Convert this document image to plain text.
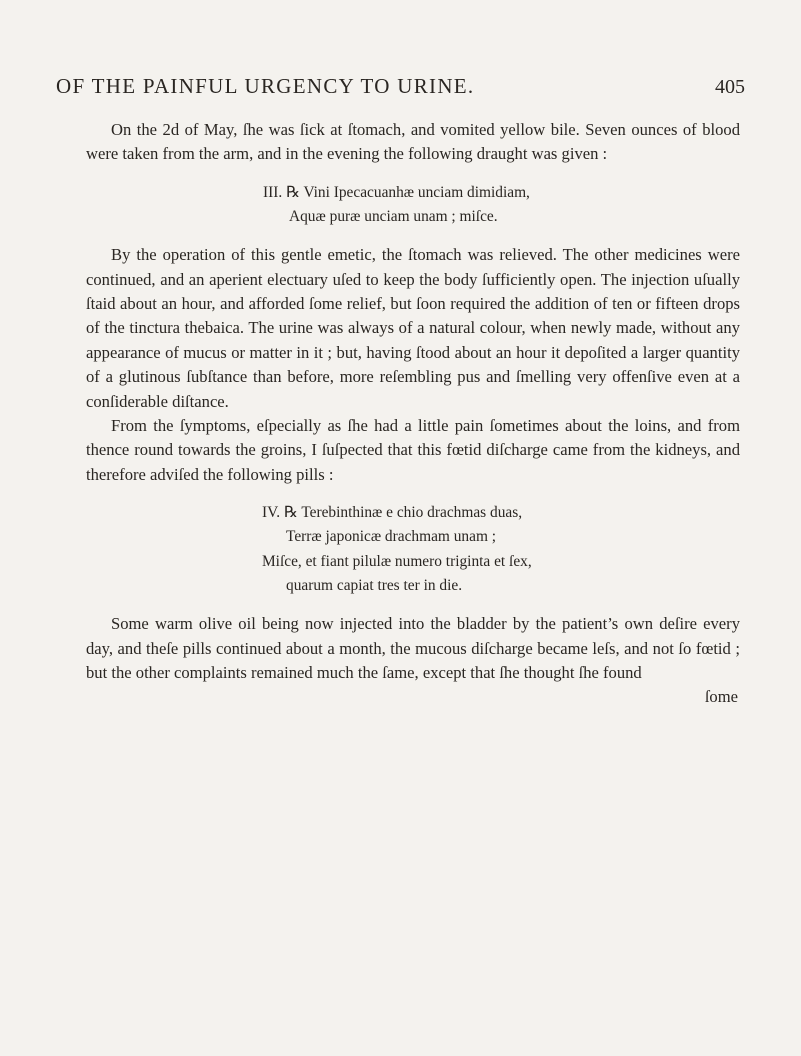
OF THE PAINFUL URGENCY TO URINE.	405

On the 2d of May, ſhe was ſick at ſtomach, and vomited yellow bile. Seven ounces of blood were taken from the arm, and in the evening the following draught was given :

III. ℞ Vini Ipecacuanhæ unciam dimidiam,
Aquæ puræ unciam unam ; miſce.

By the operation of this gentle emetic, the ſtomach was relieved. The other medicines were continued, and an aperient electuary uſed to keep the body ſufficiently open. The injection uſually ſtaid about an hour, and afforded ſome relief, but ſoon required the addition of ten or fifteen drops of the tinctura thebaica. The urine was always of a natural colour, when newly made, without any appearance of mucus or matter in it ; but, having ſtood about an hour it depoſited a larger quantity of a glutinous ſubſtance than before, more reſembling pus and ſmelling very offenſive even at a conſiderable diſtance.

From the ſymptoms, eſpecially as ſhe had a little pain ſometimes about the loins, and from thence round towards the groins, I ſuſpected that this fœtid diſcharge came from the kidneys, and therefore adviſed the following pills :

IV. ℞ Terebinthinæ e chio drachmas duas,
Terræ japonicæ drachmam unam ;
Miſce, et fiant pilulæ numero triginta et ſex,
quarum capiat tres ter in die.

Some warm olive oil being now injected into the bladder by the patient’s own deſire every day, and theſe pills continued about a month, the mucous diſcharge became leſs, and not ſo fœtid ; but the other complaints remained much the ſame, except that ſhe thought ſhe found

ſome
